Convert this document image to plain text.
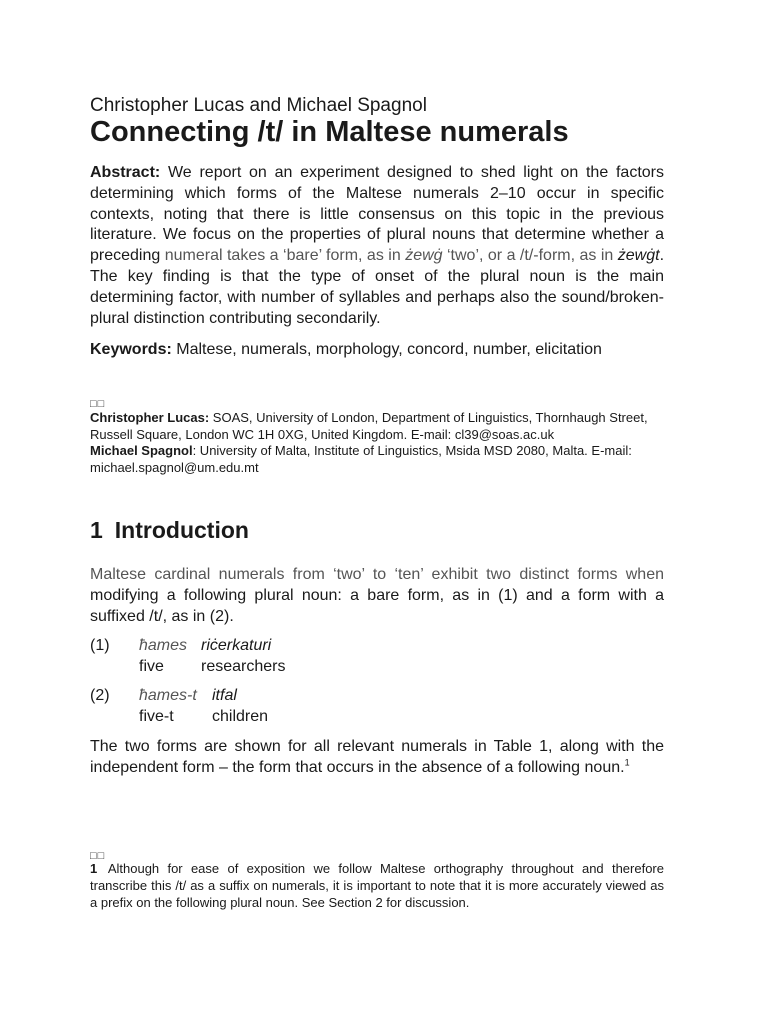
Christopher Lucas and Michael Spagnol
Connecting /t/ in Maltese numerals

Abstract: We report on an experiment designed to shed light on the factors determining which forms of the Maltese numerals 2–10 occur in specific contexts, noting that there is little consensus on this topic in the previous literature. We focus on the properties of plural nouns that determine whether a preceding numeral takes a ‘bare’ form, as in żewġ ‘two’, or a /t/-form, as in żewġt. The key finding is that the type of onset of the plural noun is the main determining factor, with number of syllables and perhaps also the sound/broken-plural distinction contributing secondarily.

Keywords: Maltese, numerals, morphology, concord, number, elicitation

□□

Christopher Lucas: SOAS, University of London, Department of Linguistics, Thornhaugh Street, Russell Square, London WC 1H 0XG, United Kingdom. E-mail: cl39@soas.ac.uk

Michael Spagnol: University of Malta, Institute of Linguistics, Msida MSD 2080, Malta. E-mail: michael.spagnol@um.edu.mt

1 Introduction

Maltese cardinal numerals from ‘two’ to ‘ten’ exhibit two distinct forms when modifying a following plural noun: a bare form, as in (1) and a form with a suffixed /t/, as in (2).

(1)	ħames riċerkaturi
five	researchers
(2)	ħames-t itfal
five-t	children

The two forms are shown for all relevant numerals in Table 1, along with the independent form – the form that occurs in the absence of a following noun.$^1$

□□

1 Although for ease of exposition we follow Maltese orthography throughout and therefore transcribe this /t/ as a suffix on numerals, it is important to note that it is more accurately viewed as a prefix on the following plural noun. See Section 2 for discussion.
